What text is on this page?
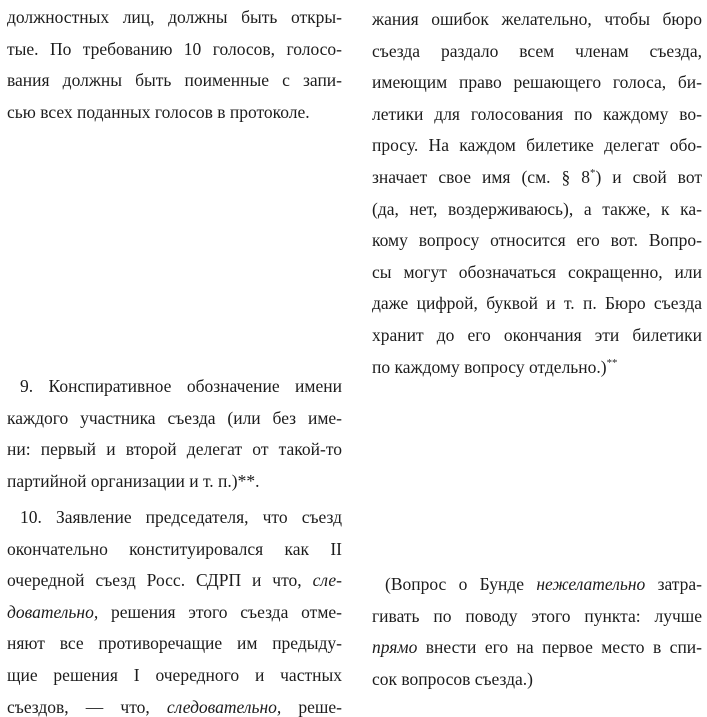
должностных лиц, должны быть откры-
тые. По требованию 10 голосов, голосо-
вания должны быть поименные с запи-
сью всех поданных голосов в протоколе.
9. Конспиративное обозначение имени
каждого участника съезда (или без име-
ни: первый и второй делегат от такой-то
партийной организации и т. п.)**.
10. Заявление председателя, что съезд
окончательно конституировался как II
очередной съезд Росс. СДРП и что, сле-
довательно, решения этого съезда отме-
няют все противоречащие им предыду-
щие решения I очередного и частных
съездов, — что, следовательно, реше-
жания ошибок желательно, чтобы бюро
съезда раздало всем членам съезда,
имеющим право решающего голоса, би-
летики для голосования по каждому во-
просу. На каждом билетике делегат обо-
значает свое имя (см. § 8*) и свой вот
(да, нет, воздерживаюсь), а также, к ка-
кому вопросу относится его вот. Вопро-
сы могут обозначаться сокращенно, или
даже цифрой, буквой и т. п. Бюро съезда
хранит до его окончания эти билетики
по каждому вопросу отдельно.)**
(Вопрос о Бунде нежелательно затра-
гивать по поводу этого пункта: лучше
прямо внести его на первое место в спи-
сок вопросов съезда.)
